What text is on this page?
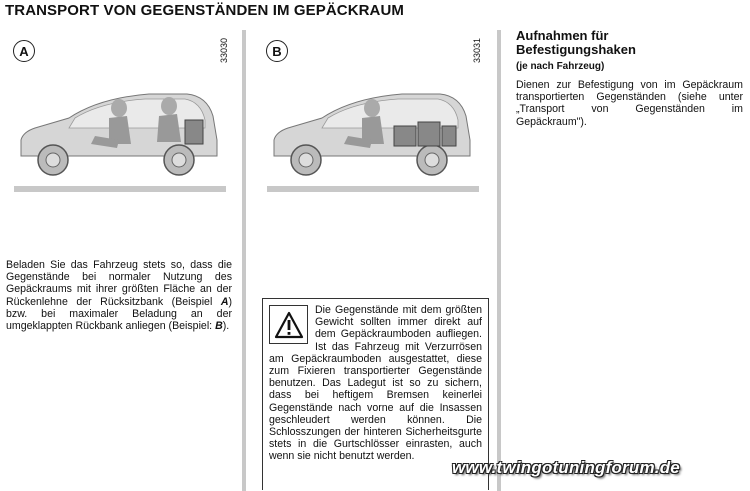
TRANSPORT VON GEGENSTÄNDEN IM GEPÄCKRAUM
A	33030	B	33031
Beladen Sie das Fahrzeug stets so, dass die Gegenstände bei normaler Nutzung des Gepäckraums mit ihrer größten Fläche an der Rückenlehne der Rücksitzbank (Beispiel A) bzw. bei maximaler Beladung an der umgeklappten Rückbank anliegen (Beispiel: B).
Die Gegenstände mit dem größten Gewicht sollten immer direkt auf dem Gepäckraumboden aufliegen. Ist das Fahrzeug mit Verzurrösen am Gepäckraumboden ausgestattet, diese zum Fixieren transportierter Gegenstände benutzen. Das Ladegut ist so zu sichern, dass bei heftigem Bremsen keinerlei Gegenstände nach vorne auf die Insassen geschleudert werden können. Die Schlosszungen der hinteren Sicherheitsgurte stets in die Gurtschlösser einrasten, auch wenn sie nicht benutzt werden.
Aufnahmen für Befestigungshaken
(je nach Fahrzeug)
Dienen zur Befestigung von im Gepäckraum transportierten Gegenständen (siehe unter „Transport von Gegenständen im Gepäckraum").
www.twingotuningforum.de
